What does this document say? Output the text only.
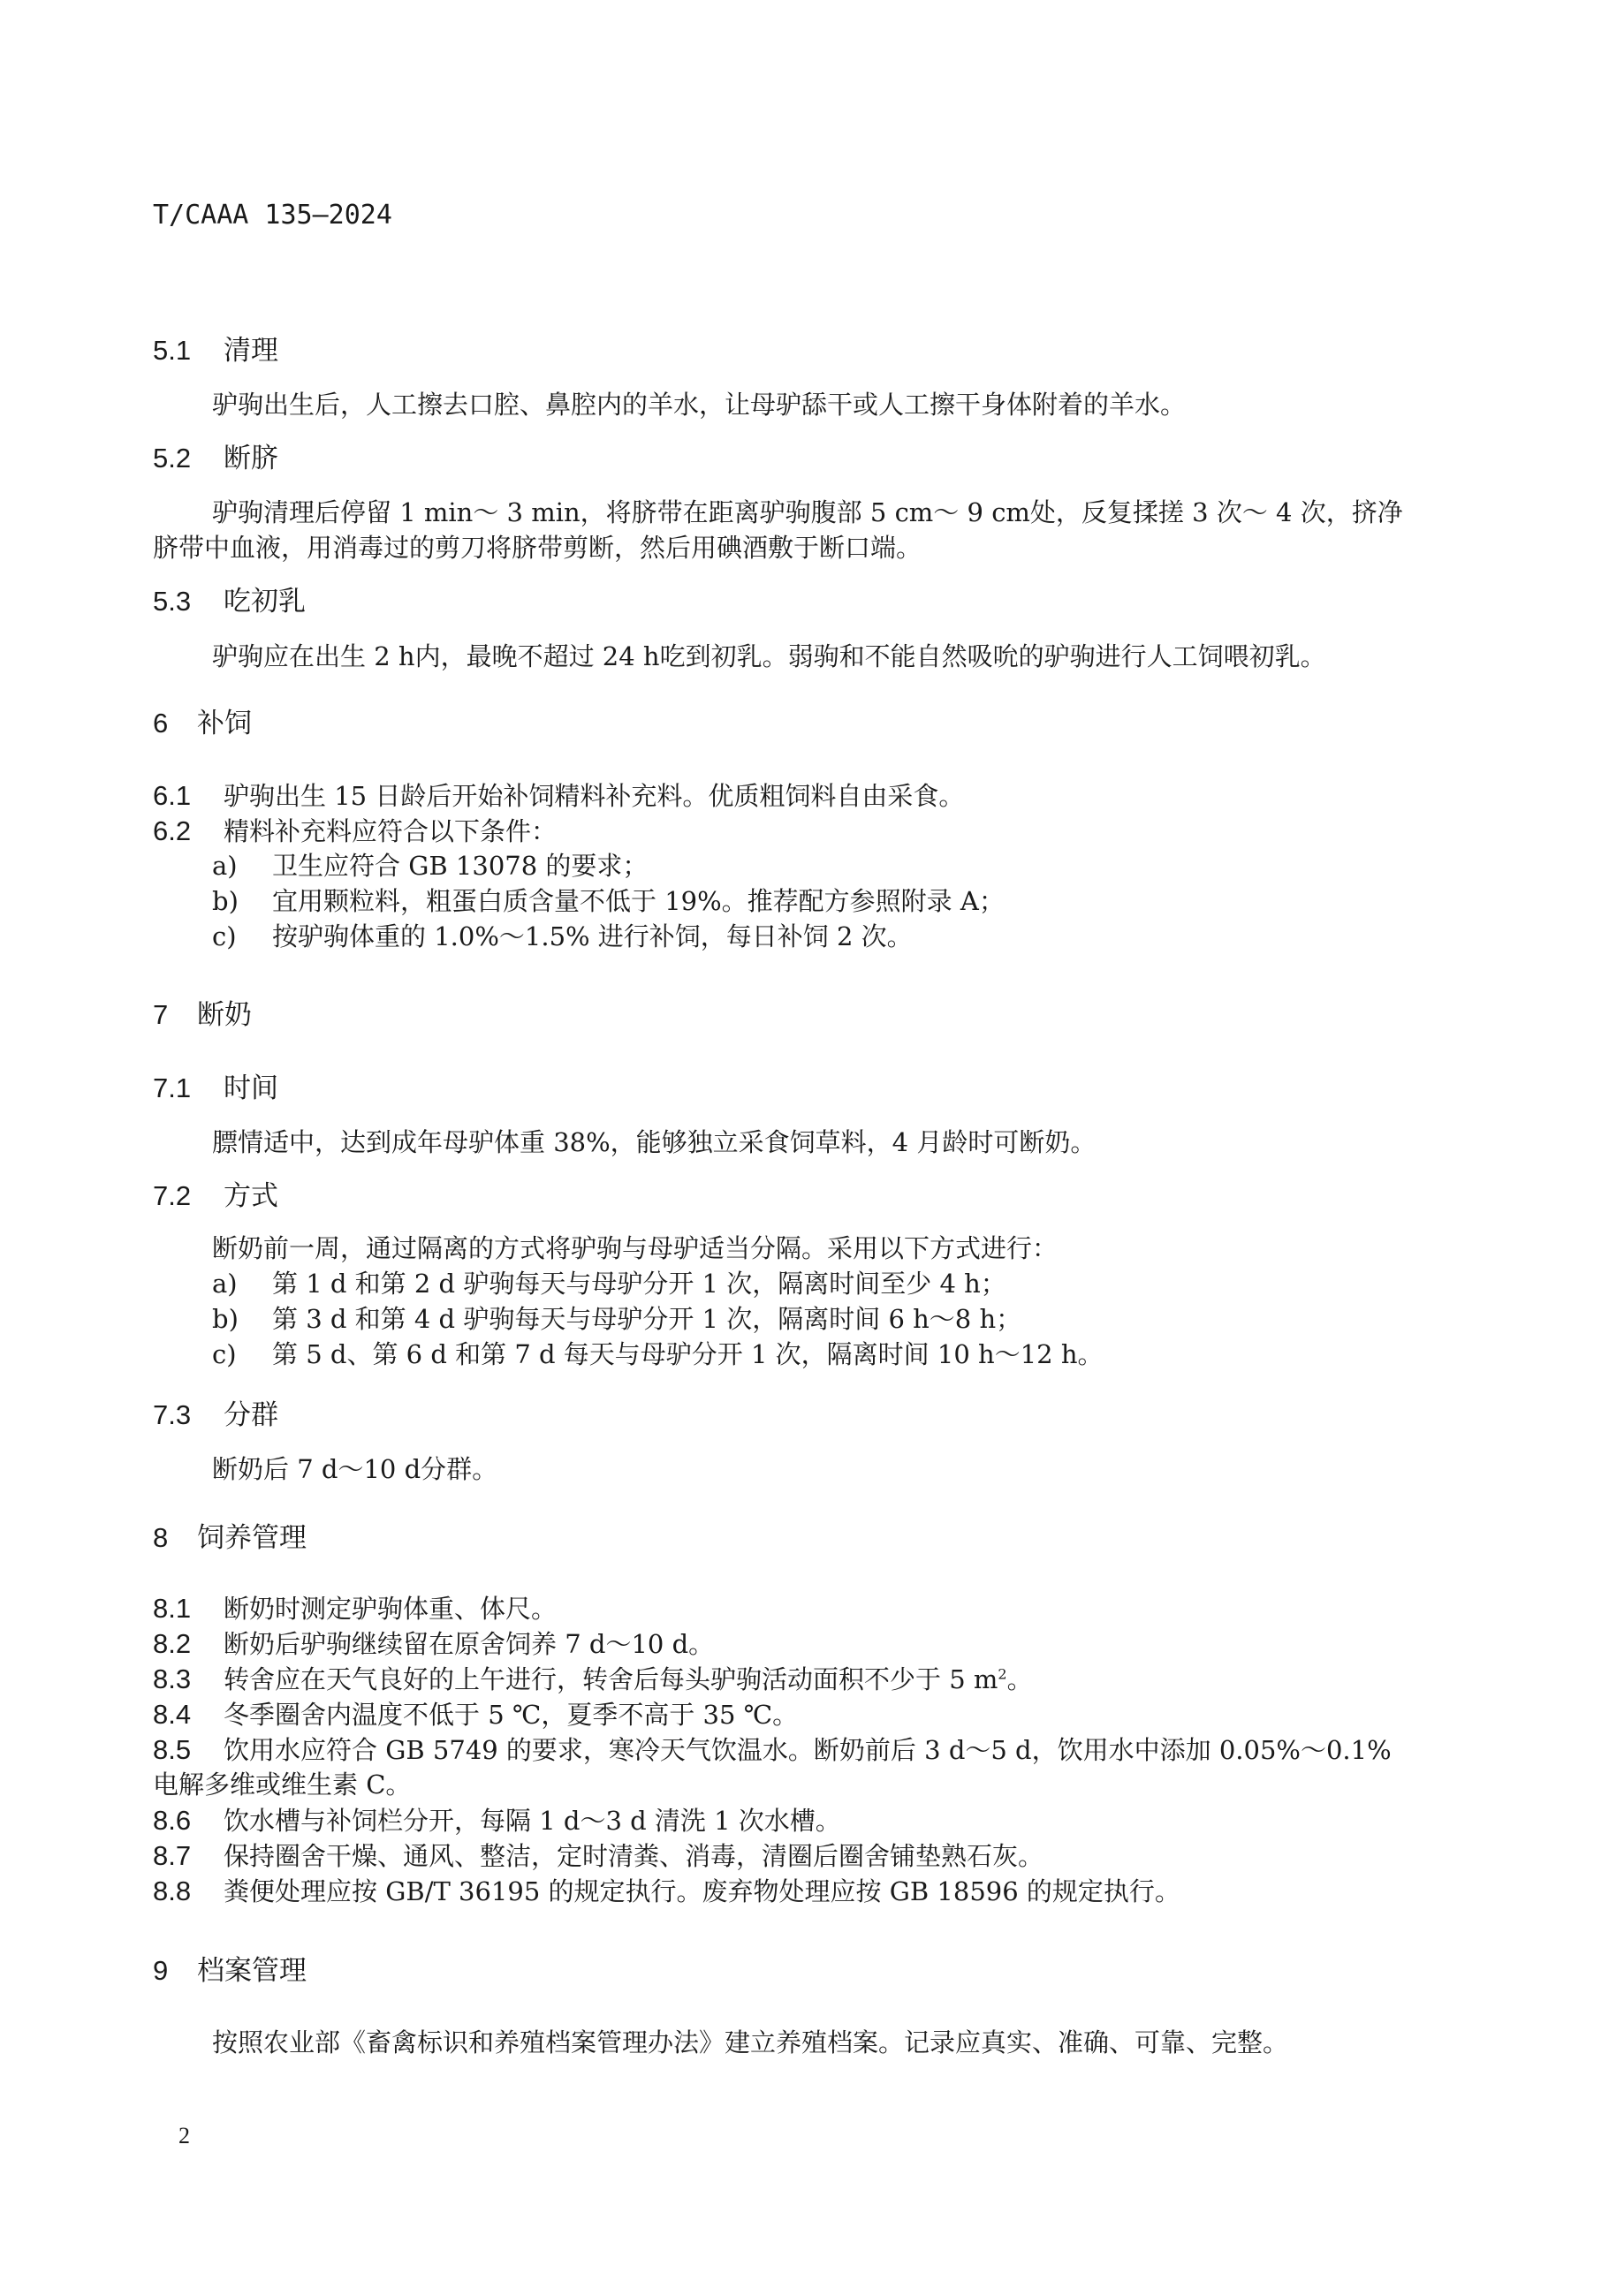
T/CAAA 135—2024
5.1 清理
驴驹出生后，人工擦去口腔、鼻腔内的羊水，让母驴舔干或人工擦干身体附着的羊水。
5.2 断脐
驴驹清理后停留 1 min～ 3 min，将脐带在距离驴驹腹部 5 cm～ 9 cm处，反复揉搓 3 次～ 4 次，挤净
脐带中血液，用消毒过的剪刀将脐带剪断，然后用碘酒敷于断口端。
5.3 吃初乳
驴驹应在出生 2 h内，最晚不超过 24 h吃到初乳。弱驹和不能自然吸吮的驴驹进行人工饲喂初乳。
6 补饲
6.1 驴驹出生 15 日龄后开始补饲精料补充料。优质粗饲料自由采食。
6.2 精料补充料应符合以下条件：
a) 卫生应符合 GB 13078 的要求；
b) 宜用颗粒料，粗蛋白质含量不低于 19%。推荐配方参照附录 A；
c) 按驴驹体重的 1.0%～1.5% 进行补饲，每日补饲 2 次。
7 断奶
7.1 时间
膘情适中，达到成年母驴体重 38%，能够独立采食饲草料，4 月龄时可断奶。
7.2 方式
断奶前一周，通过隔离的方式将驴驹与母驴适当分隔。采用以下方式进行：
a) 第 1 d 和第 2 d 驴驹每天与母驴分开 1 次，隔离时间至少 4 h；
b) 第 3 d 和第 4 d 驴驹每天与母驴分开 1 次，隔离时间 6 h～8 h；
c) 第 5 d、第 6 d 和第 7 d 每天与母驴分开 1 次，隔离时间 10 h～12 h。
7.3 分群
断奶后 7 d～10 d分群。
8 饲养管理
8.1 断奶时测定驴驹体重、体尺。
8.2 断奶后驴驹继续留在原舍饲养 7 d～10 d。
8.3 转舍应在天气良好的上午进行，转舍后每头驴驹活动面积不少于 5 $m^2$。
8.4 冬季圈舍内温度不低于 5 ℃，夏季不高于 35 ℃。
8.5 饮用水应符合 GB 5749 的要求，寒冷天气饮温水。断奶前后 3 d～5 d，饮用水中添加 0.05%～0.1%
电解多维或维生素 C。
8.6 饮水槽与补饲栏分开，每隔 1 d～3 d 清洗 1 次水槽。
8.7 保持圈舍干燥、通风、整洁，定时清粪、消毒，清圈后圈舍铺垫熟石灰。
8.8 粪便处理应按 GB/T 36195 的规定执行。废弃物处理应按 GB 18596 的规定执行。
9 档案管理
按照农业部《畜禽标识和养殖档案管理办法》建立养殖档案。记录应真实、准确、可靠、完整。
2
